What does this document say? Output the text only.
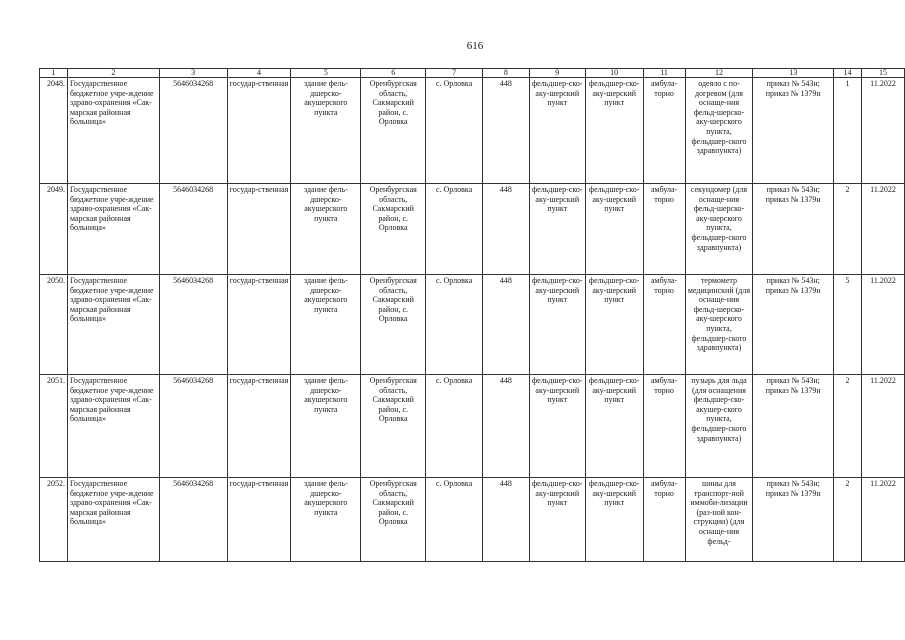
616
1	2	3	4	5	6	7	8	9	10	11	12	13	14	15
2048.	Государственное бюджетное учре-ждение здраво-охранения «Сак-марская районная больница»	5646034268	государ-ственная	здание фель-дшерско-акушерского пункта	Оренбургская область, Сакмарский район, с. Орловка	с. Орловка	448	фельдшер-ско-аку-шерский пункт	фельдшер-ско-аку-шерский пункт	амбула-торно	одеяло с по-догревом (для оснаще-ния фельд-шерско-аку-шерского пункта, фельдшер-ского здравпункта)	приказ № 543н; приказ № 1379н	1	11.2022
2049.	Государственное бюджетное учре-ждение здраво-охранения «Сак-марская районная больница»	5646034268	государ-ственная	здание фель-дшерско-акушерского пункта	Оренбургская область, Сакмарский район, с. Орловка	с. Орловка	448	фельдшер-ско-аку-шерский пункт	фельдшер-ско-аку-шерский пункт	амбула-торно	секундомер (для оснаще-ния фельд-шерско-аку-шерского пункта, фельдшер-ского здравпункта)	приказ № 543н; приказ № 1379н	2	11.2022
2050.	Государственное бюджетное учре-ждение здраво-охранения «Сак-марская районная больница»	5646034268	государ-ственная	здание фель-дшерско-акушерского пункта	Оренбургская область, Сакмарский район, с. Орловка	с. Орловка	448	фельдшер-ско-аку-шерский пункт	фельдшер-ско-аку-шерский пункт	амбула-торно	термометр медицинский (для оснаще-ния фельд-шерско-аку-шерского пункта, фельдшер-ского здравпункта)	приказ № 543н; приказ № 1379н	5	11.2022
2051.	Государственное бюджетное учре-ждение здраво-охранения «Сак-марская районная больница»	5646034268	государ-ственная	здание фель-дшерско-акушерского пункта	Оренбургская область, Сакмарский район, с. Орловка	с. Орловка	448	фельдшер-ско-аку-шерский пункт	фельдшер-ско-аку-шерский пункт	амбула-торно	пузырь для льда (для оснащения фельдшер-ско-акушер-ского пункта, фельдшер-ского здравпункта)	приказ № 543н; приказ № 1379н	2	11.2022
2052.	Государственное бюджетное учре-ждение здраво-охранения «Сак-марская районная больница»	5646034268	государ-ственная	здание фель-дшерско-акушерского пункта	Оренбургская область, Сакмарский район, с. Орловка	с. Орловка	448	фельдшер-ско-аку-шерский пункт	фельдшер-ско-аку-шерский пункт	амбула-торно	шины для транспорт-ной иммоби-лизации (раз-ной кон-струкции) (для оснаще-ния фельд-	приказ № 543н; приказ № 1379н	2	11.2022
